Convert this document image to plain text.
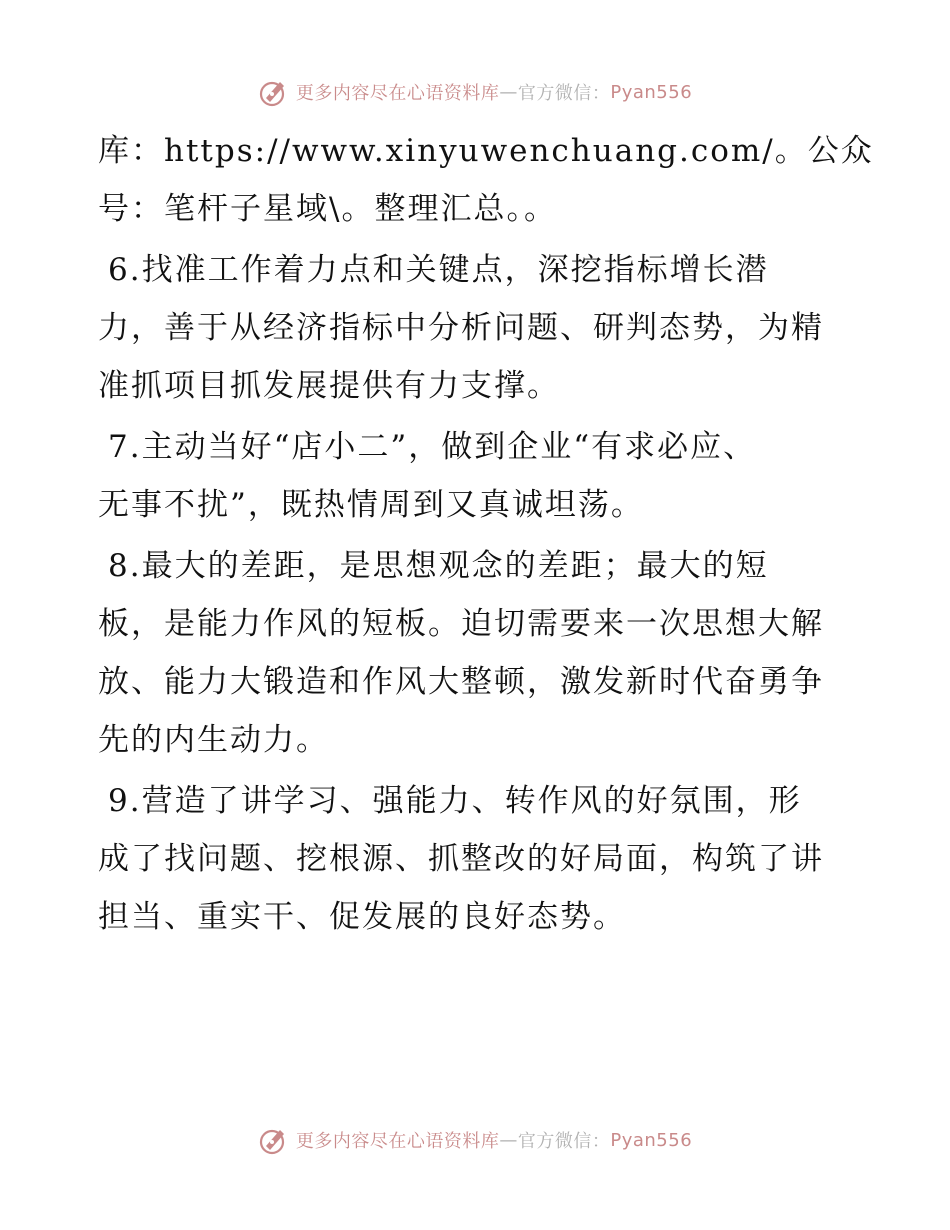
更多内容尽在心语资料库 — 官方微信： Pyan556
库：https://www.xinyuwenchuang.com/。公众
号：笔杆子星域\。整理汇总。。
6.找准工作着力点和关键点，深挖指标增长潜
力，善于从经济指标中分析问题、研判态势，为精
准抓项目抓发展提供有力支撑。
7.主动当好“店小二”，做到企业“有求必应、
无事不扰”，既热情周到又真诚坦荡。
8.最大的差距，是思想观念的差距；最大的短
板，是能力作风的短板。迫切需要来一次思想大解
放、能力大锻造和作风大整顿，激发新时代奋勇争
先的内生动力。
9.营造了讲学习、强能力、转作风的好氛围，形
成了找问题、挖根源、抓整改的好局面，构筑了讲
担当、重实干、促发展的良好态势。
更多内容尽在心语资料库 — 官方微信： Pyan556
